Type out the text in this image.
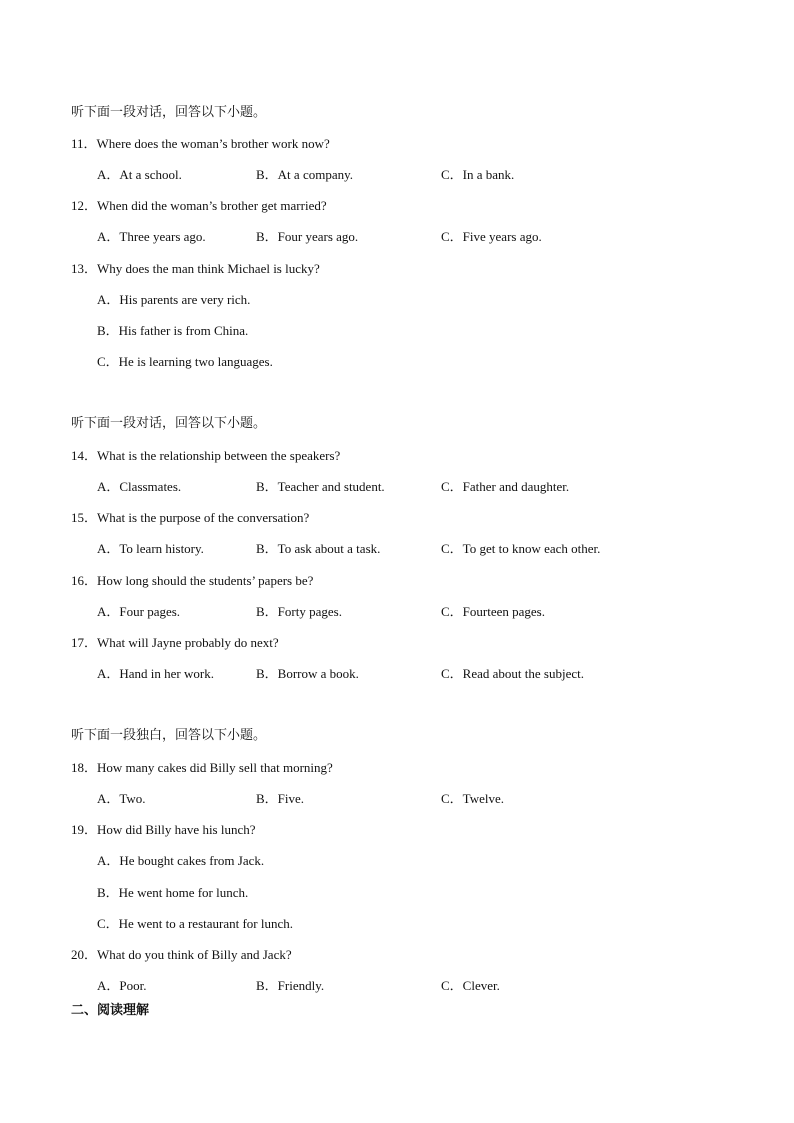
听下面一段对话，回答以下小题。
11．Where does the woman’s brother work now?
A．At a school.	B．At a company.	C．In a bank.
12．When did the woman’s brother get married?
A．Three years ago.	B．Four years ago.	C．Five years ago.
13．Why does the man think Michael is lucky?
A．His parents are very rich.
B．His father is from China.
C．He is learning two languages.
听下面一段对话，回答以下小题。
14．What is the relationship between the speakers?
A．Classmates.	B．Teacher and student.	C．Father and daughter.
15．What is the purpose of the conversation?
A．To learn history.	B．To ask about a task.	C．To get to know each other.
16．How long should the students’ papers be?
A．Four pages.	B．Forty pages.	C．Fourteen pages.
17．What will Jayne probably do next?
A．Hand in her work.	B．Borrow a book.	C．Read about the subject.
听下面一段独白，回答以下小题。
18．How many cakes did Billy sell that morning?
A．Two.	B．Five.	C．Twelve.
19．How did Billy have his lunch?
A．He bought cakes from Jack.
B．He went home for lunch.
C．He went to a restaurant for lunch.
20．What do you think of Billy and Jack?
A．Poor.	B．Friendly.	C．Clever.
二、阅读理解
